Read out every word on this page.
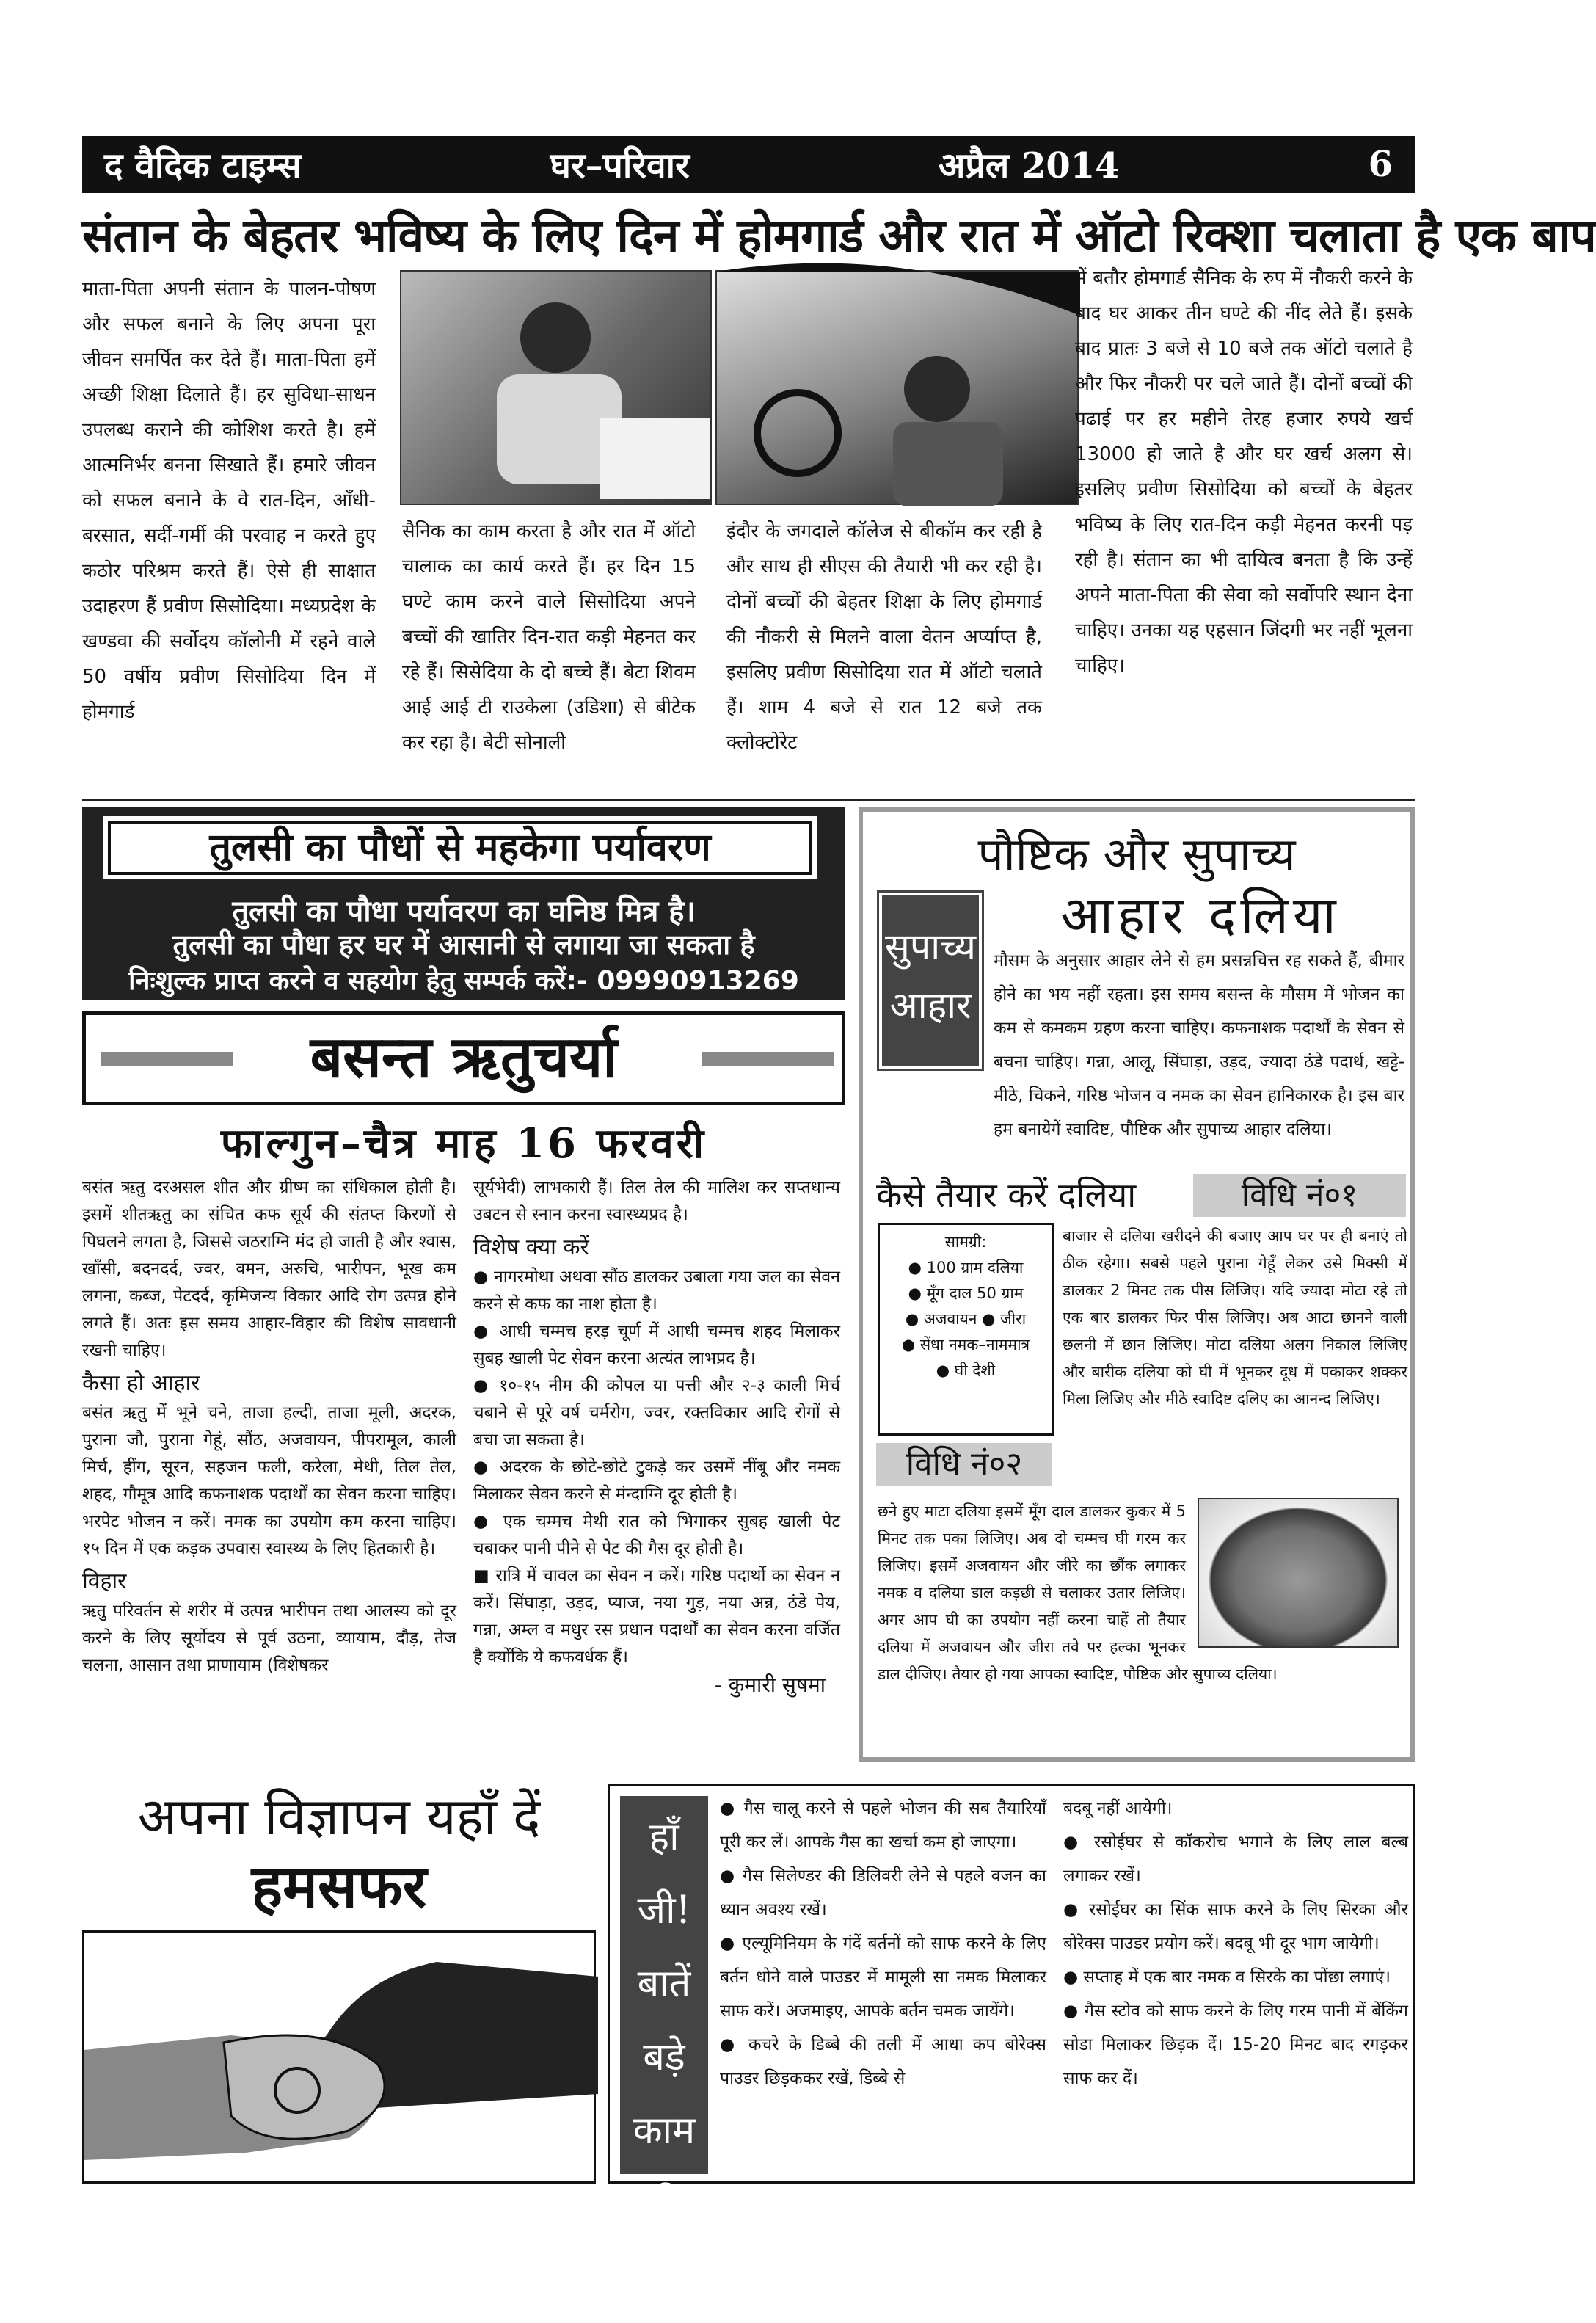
द वैदिक टाइम्स	घर–परिवार	अप्रैल 2014	6
संतान के बेहतर भविष्य के लिए दिन में होमगार्ड और रात में ऑटो रिक्शा चलाता है एक बाप
माता-पिता अपनी संतान के पालन-पोषण और सफल बनाने के लिए अपना पूरा जीवन समर्पित कर देते हैं। माता-पिता हमें अच्छी शिक्षा दिलाते हैं। हर सुविधा-साधन उपलब्ध कराने की कोशिश करते है। हमें आत्मनिर्भर बनना सिखाते हैं। हमारे जीवन को सफल बनाने के वे रात-दिन, आँधी-बरसात, सर्दी-गर्मी की परवाह न करते हुए कठोर परिश्रम करते हैं। ऐसे ही साक्षात उदाहरण हैं प्रवीण सिसोदिया। मध्यप्रदेश के खण्डवा की सर्वोदय कॉलोनी में रहने वाले 50 वर्षीय प्रवीण सिसोदिया दिन में होमगार्ड
सैनिक का काम करता है और रात में ऑटो चालाक का कार्य करते हैं। हर दिन 15 घण्टे काम करने वाले सिसोदिया अपने बच्चों की खातिर दिन-रात कड़ी मेहनत कर रहे हैं। सिसेदिया के दो बच्चे हैं। बेटा शिवम आई आई टी राउकेला (उडिशा) से बीटेक कर रहा है। बेटी सोनाली
इंदौर के जगदाले कॉलेज से बीकॉम कर रही है और साथ ही सीएस की तैयारी भी कर रही है। दोनों बच्चों की बेहतर शिक्षा के लिए होमगार्ड की नौकरी से मिलने वाला वेतन अर्प्याप्त है, इसलिए प्रवीण सिसोदिया रात में ऑटो चलाते हैं। शाम 4 बजे से रात 12 बजे तक क्लोक्टोरेट
में बतौर होमगार्ड सैनिक के रुप में नौकरी करने के बाद घर आकर तीन घण्टे की नींद लेते हैं। इसके बाद प्रातः 3 बजे से 10 बजे तक ऑटो चलाते है और फिर नौकरी पर चले जाते हैं। दोनों बच्चों की पढाई पर हर महीने तेरह हजार रुपये खर्च 13000 हो जाते है और घर खर्च अलग से। इसलिए प्रवीण सिसोदिया को बच्चों के बेहतर भविष्य के लिए रात-दिन कड़ी मेहनत करनी पड़ रही है। संतान का भी दायित्व बनता है कि उन्हें अपने माता-पिता की सेवा को सर्वोपरि स्थान देना चाहिए। उनका यह एहसान जिंदगी भर नहीं भूलना चाहिए।
तुलसी का पौधों से महकेगा पर्यावरण
तुलसी का पौधा पर्यावरण का घनिष्ठ मित्र है।
तुलसी का पौधा हर घर में आसानी से लगाया जा सकता है
निःशुल्क प्राप्त करने व सहयोग हेतु सम्पर्क करें:- 09990913269
बसन्त ऋतुचर्या
फाल्गुन–चैत्र माह 16 फरवरी

बसंत ऋतु दरअसल शीत और ग्रीष्म का संधिकाल होती है। इसमें शीतऋतु का संचित कफ सूर्य की संतप्त किरणों से पिघलने लगता है, जिससे जठराग्नि मंद हो जाती है और श्वास, खाँसी, बदनदर्द, ज्वर, वमन, अरुचि, भारीपन, भूख कम लगना, कब्ज, पेटदर्द, कृमिजन्य विकार आदि रोग उत्पन्न होने लगते हैं। अतः इस समय आहार-विहार की विशेष सावधानी रखनी चाहिए।

कैसा हो आहार

बसंत ऋतु में भूने चने, ताजा हल्दी, ताजा मूली, अदरक, पुराना जौ, पुराना गेहूं, सौंठ, अजवायन, पीपरामूल, काली मिर्च, हींग, सूरन, सहजन फली, करेला, मेथी, तिल तेल, शहद, गौमूत्र आदि कफनाशक पदार्थों का सेवन करना चाहिए। भरपेट भोजन न करें। नमक का उपयोग कम करना चाहिए। १५ दिन में एक कड़क उपवास स्वास्थ्य के लिए हितकारी है।

विहार

ऋतु परिवर्तन से शरीर में उत्पन्न भारीपन तथा आलस्य को दूर करने के लिए सूर्योदय से पूर्व उठना, व्यायाम, दौड़, तेज चलना, आसान तथा प्राणायाम (विशेषकर

सूर्यभेदी) लाभकारी हैं। तिल तेल की मालिश कर सप्तधान्य उबटन से स्नान करना स्वास्थ्यप्रद है।

विशेष क्या करें

● नागरमोथा अथवा सौंठ डालकर उबाला गया जल का सेवन करने से कफ का नाश होता है।

● आधी चम्मच हरड़ चूर्ण में आधी चम्मच शहद मिलाकर सुबह खाली पेट सेवन करना अत्यंत लाभप्रद है।

● १०-१५ नीम की कोपल या पत्ती और २-३ काली मिर्च चबाने से पूरे वर्ष चर्मरोग, ज्वर, रक्तविकार आदि रोगों से बचा जा सकता है।

● अदरक के छोटे-छोटे टुकड़े कर उसमें नींबू और नमक मिलाकर सेवन करने से मंन्दाग्नि दूर होती है।

● एक चम्मच मेथी रात को भिगाकर सुबह खाली पेट चबाकर पानी पीने से पेट की गैस दूर होती है।

■ रात्रि में चावल का सेवन न करें। गरिष्ठ पदार्थो का सेवन न करें। सिंघाड़ा, उड़द, प्याज, नया गुड़, नया अन्न, ठंडे पेय, गन्ना, अम्ल व मधुर रस प्रधान पदार्थों का सेवन करना वर्जित है क्योंकि ये कफवर्धक हैं।

- कुमारी सुषमा

पौष्टिक और सुपाच्य
आहार दलिया
सुपाच्य
आहार
मौसम के अनुसार आहार लेने से हम प्रसन्नचित्त रह सकते हैं, बीमार होने का भय नहीं रहता। इस समय बसन्त के मौसम में भोजन का कम से कमकम ग्रहण करना चाहिए। कफनाशक पदार्थों के सेवन से बचना चाहिए। गन्ना, आलू, सिंघाड़ा, उड़द, ज्यादा ठंडे पदार्थ, खट्टे-मीठे, चिकने, गरिष्ठ भोजन व नमक का सेवन हानिकारक है। इस बार हम बनायेगें स्वादिष्ट, पौष्टिक और सुपाच्य आहार दलिया।
कैसे तैयार करें दलिया	विधि नं०१
सामग्री:
● 100 ग्राम दलिया
● मूँग दाल 50 ग्राम
● अजवायन ● जीरा
● सेंधा नमक–नाममात्र
● घी देशी
बाजार से दलिया खरीदने की बजाए आप घर पर ही बनाएं तो ठीक रहेगा। सबसे पहले पुराना गेहूँ लेकर उसे मिक्सी में डालकर 2 मिनट तक पीस लिजिए। यदि ज्यादा मोटा रहे तो एक बार डालकर फिर पीस लिजिए। अब आटा छानने वाली छलनी में छान लिजिए। मोटा दलिया अलग निकाल लिजिए और बारीक दलिया को घी में भूनकर दूध में पकाकर शक्कर मिला लिजिए और मीठे स्वादिष्ट दलिए का आनन्द लिजिए।
विधि नं०२
छने हुए माटा दलिया इसमें मूँग दाल डालकर कुकर में 5 मिनट तक पका लिजिए। अब दो चम्मच घी गरम कर लिजिए। इसमें अजवायन और जीरे का छौंक लगाकर नमक व दलिया डाल कड़छी से चलाकर उतार लिजिए। अगर आप घी का उपयोग नहीं करना चाहें तो तैयार दलिया में अजवायन और जीरा तवे पर हल्का भूनकर डाल दीजिए। तैयार हो गया आपका स्वादिष्ट, पौष्टिक और सुपाच्य दलिया।
अपना विज्ञापन यहाँ दें
हमसफर
हाँ जी!
बातें
बड़े
काम
की

● गैस चालू करने से पहले भोजन की सब तैयारियाँ पूरी कर लें। आपके गैस का खर्चा कम हो जाएगा।

● गैस सिलेण्डर की डिलिवरी लेने से पहले वजन का ध्यान अवश्य रखें।

● एल्यूमिनियम के गंदें बर्तनों को साफ करने के लिए बर्तन धोने वाले पाउडर में मामूली सा नमक मिलाकर साफ करें। अजमाइए, आपके बर्तन चमक जायेंगे।

● कचरे के डिब्बे की तली में आधा कप बोरेक्स पाउडर छिड़ककर रखें, डिब्बे से

बदबू नहीं आयेगी।

● रसोईघर से कॉकरोच भगाने के लिए लाल बल्ब लगाकर रखें।

● रसोईघर का सिंक साफ करने के लिए सिरका और बोरेक्स पाउडर प्रयोग करें। बदबू भी दूर भाग जायेगी।

● सप्ताह में एक बार नमक व सिरके का पोंछा लगाएं।

● गैस स्टोव को साफ करने के लिए गरम पानी में बेंकिंग सोडा मिलाकर छिड़क दें। 15-20 मिनट बाद रगड़कर साफ कर दें।
